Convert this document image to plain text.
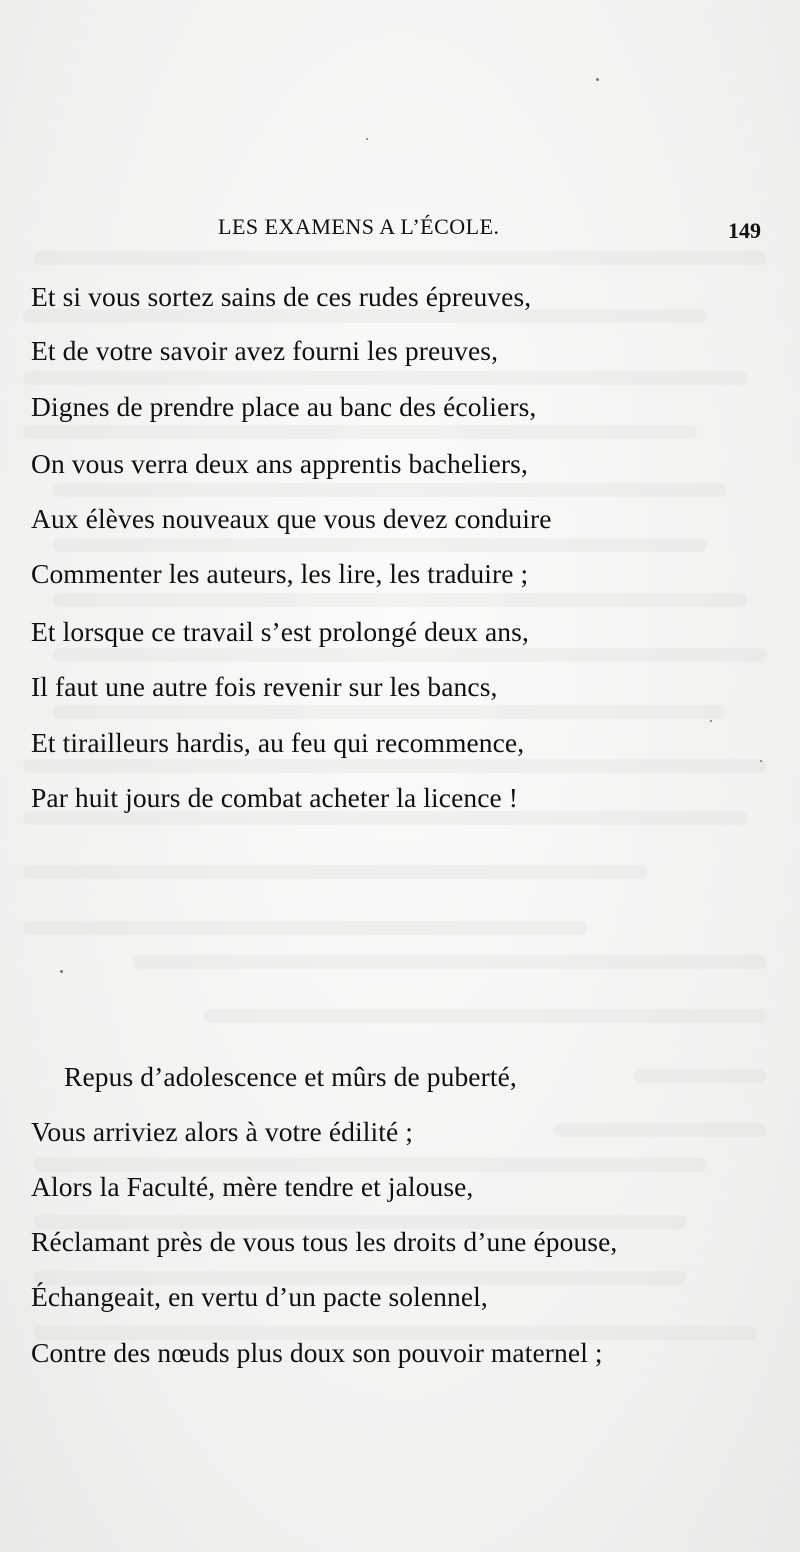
LES EXAMENS A L’ÉCOLE.	149
Et si vous sortez sains de ces rudes épreuves,
Et de votre savoir avez fourni les preuves,
Dignes de prendre place au banc des écoliers,
On vous verra deux ans apprentis bacheliers,
Aux élèves nouveaux que vous devez conduire
Commenter les auteurs, les lire, les traduire ;
Et lorsque ce travail s’est prolongé deux ans,
Il faut une autre fois revenir sur les bancs,
Et tirailleurs hardis, au feu qui recommence,
Par huit jours de combat acheter la licence !
Repus d’adolescence et mûrs de puberté,
Vous arriviez alors à votre édilité ;
Alors la Faculté, mère tendre et jalouse,
Réclamant près de vous tous les droits d’une épouse,
Échangeait, en vertu d’un pacte solennel,
Contre des nœuds plus doux son pouvoir maternel ;
